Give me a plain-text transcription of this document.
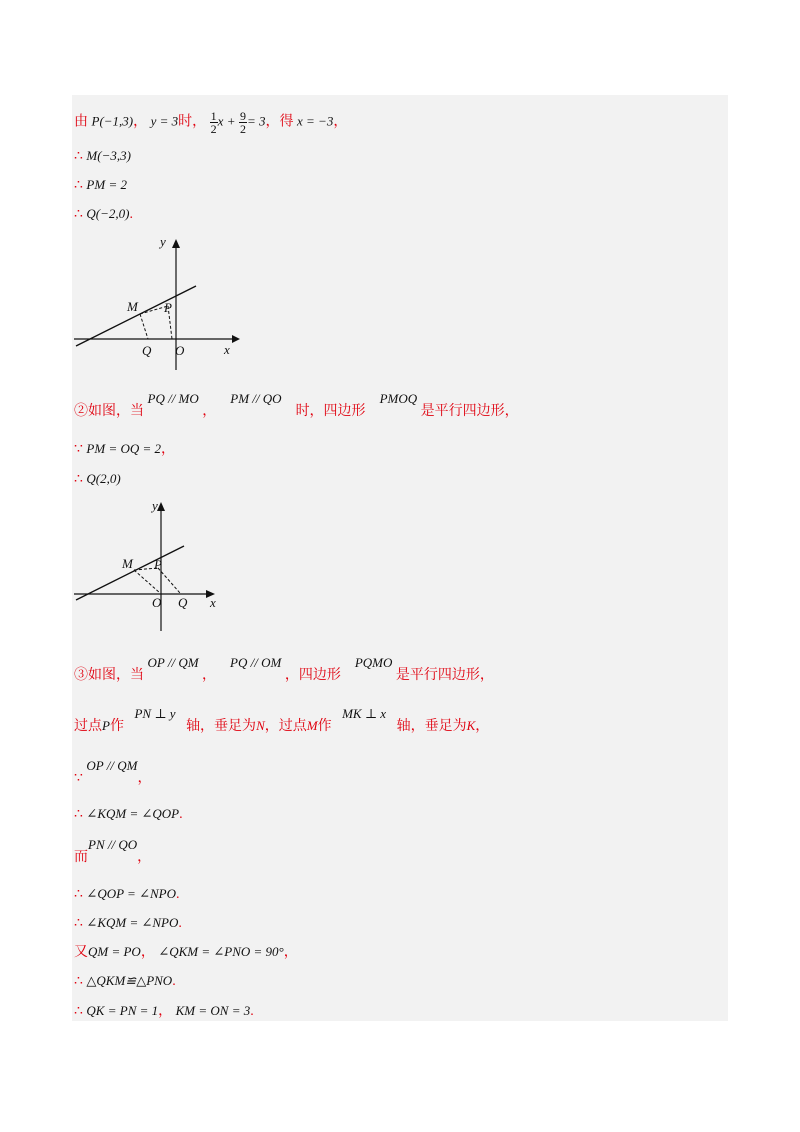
由 P(−1,3)， y = 3时， $\frac{1}{2}$ $x + \frac{9}{2} = 3$，得 x = −3，
∴ M(−3,3)
∴ PM = 2
∴ Q(−2,0).
y
x
M P
Q O
②如图，当 PQ // MO ，    PM // QO    时，四边形    PMOQ 是平行四边形，
∵ PM = OQ = 2，
∴ Q(2,0)
y
x
M P
Q
O
③如图，当 OP // QM ，    PQ // OM ，四边形    PQMO 是平行四边形，
过点P作   PN ⊥ y   轴，垂足为N，过点M作   MK ⊥ x   轴，垂足为K，
∵ OP // QM，
∴ ∠KQM = ∠QOP.
而PN // QO，
∴ ∠QOP = ∠NPO.
∴ ∠KQM = ∠NPO.
又QM = PO， ∠QKM = ∠PNO = 90°，
∴ △QKM≌△PNO.
∴ QK = PN = 1， KM = ON = 3.
